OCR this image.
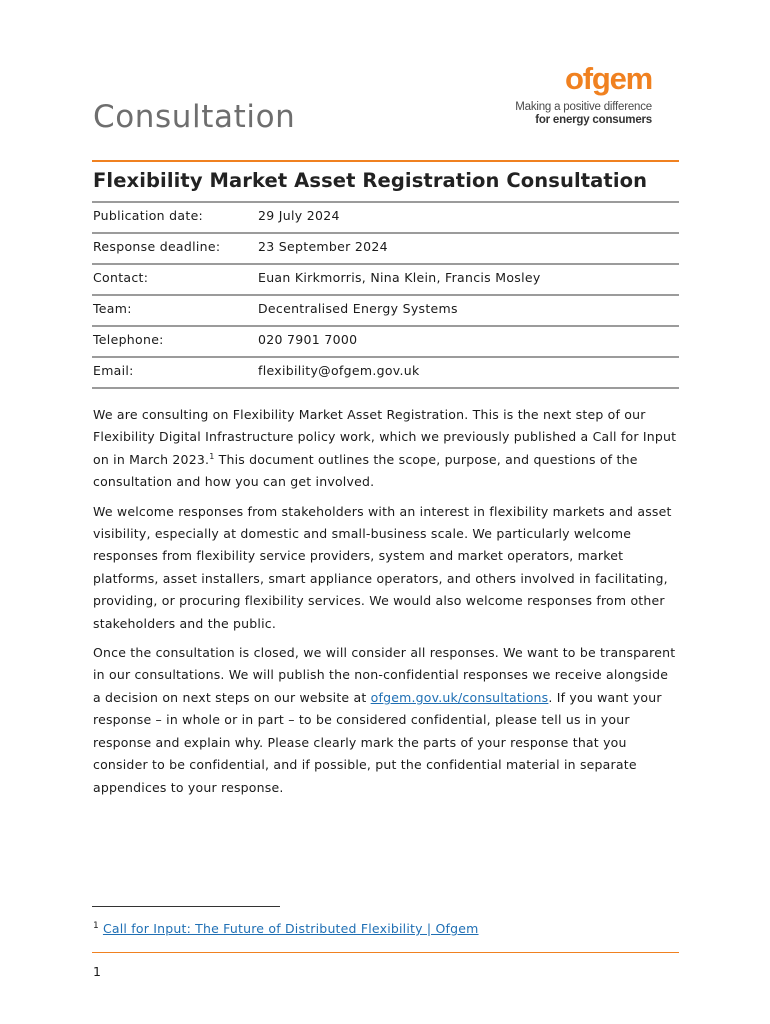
Consultation
ofgem
Making a positive difference
for energy consumers
Flexibility Market Asset Registration Consultation
Publication date:	29 July 2024
Response deadline:	23 September 2024
Contact:	Euan Kirkmorris, Nina Klein, Francis Mosley
Team:	Decentralised Energy Systems
Telephone:	020 7901 7000
Email:	flexibility@ofgem.gov.uk

We are consulting on Flexibility Market Asset Registration. This is the next step of our Flexibility Digital Infrastructure policy work, which we previously published a Call for Input on in March 2023.$^1$ This document outlines the scope, purpose, and questions of the consultation and how you can get involved.

We welcome responses from stakeholders with an interest in flexibility markets and asset visibility, especially at domestic and small-business scale. We particularly welcome responses from flexibility service providers, system and market operators, market platforms, asset installers, smart appliance operators, and others involved in facilitating, providing, or procuring flexibility services. We would also welcome responses from other stakeholders and the public.

Once the consultation is closed, we will consider all responses. We want to be transparent in our consultations. We will publish the non-confidential responses we receive alongside a decision on next steps on our website at ofgem.gov.uk/consultations. If you want your response – in whole or in part – to be considered confidential, please tell us in your response and explain why. Please clearly mark the parts of your response that you consider to be confidential, and if possible, put the confidential material in separate appendices to your response.

$^1$ Call for Input: The Future of Distributed Flexibility | Ofgem
1
